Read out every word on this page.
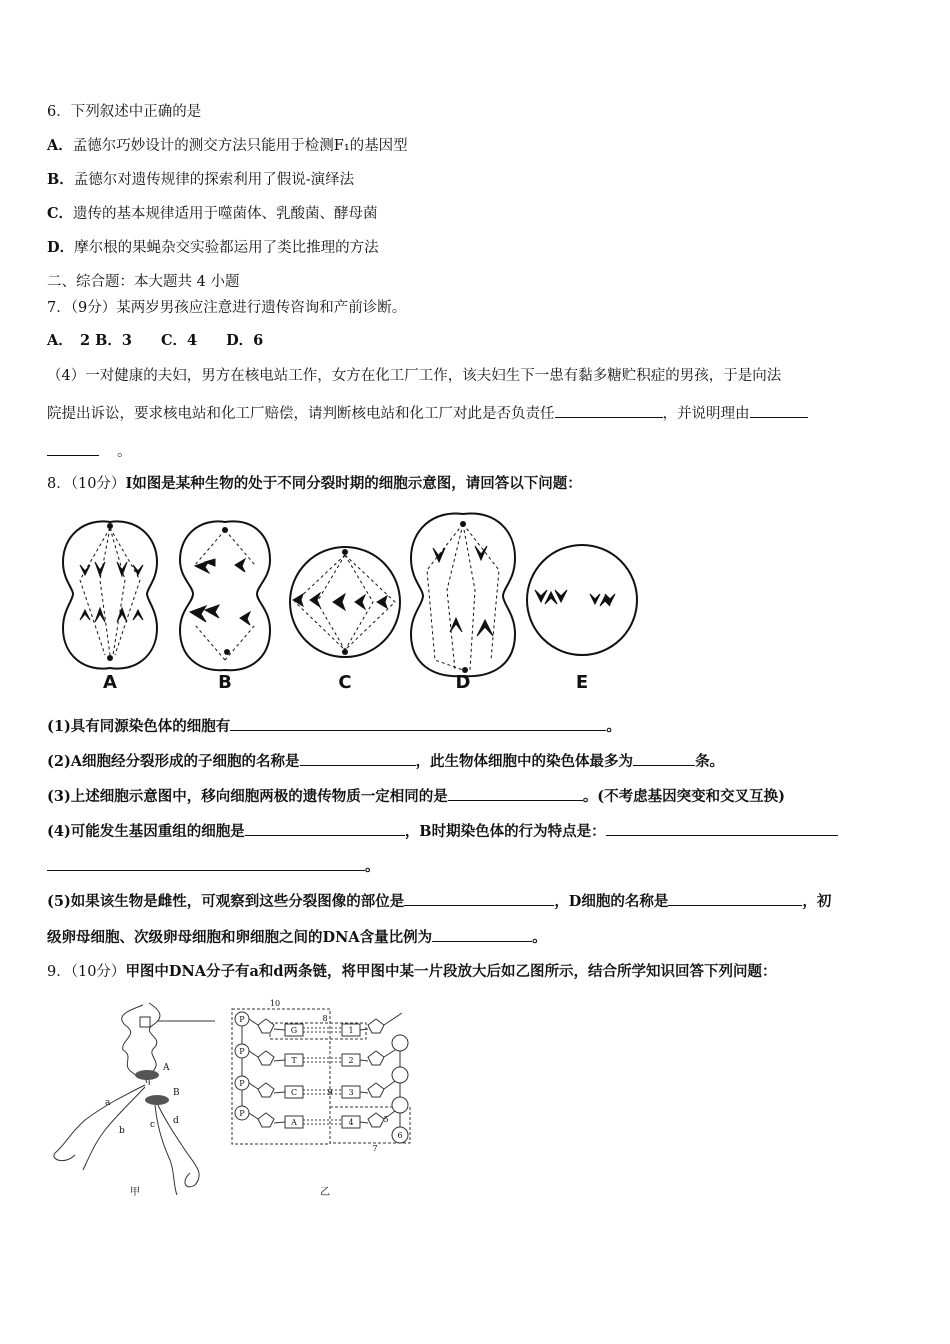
6．下列叙述中正确的是
A．孟德尔巧妙设计的测交方法只能用于检测F₁的基因型
B．孟德尔对遗传规律的探索利用了假说-演绎法
C．遗传的基本规律适用于噬菌体、乳酸菌、酵母菌
D．摩尔根的果蝇杂交实验都运用了类比推理的方法
二、综合题：本大题共 4 小题
7．（9分）某两岁男孩应注意进行遗传咨询和产前诊断。
A．　2 B．3　　C．4　　D．6
（4）一对健康的夫妇，男方在核电站工作，女方在化工厂工作，该夫妇生下一患有黏多糖贮积症的男孩，于是向法
院提出诉讼，要求核电站和化工厂赔偿，请判断核电站和化工厂对此是否负责任	，并说明理由
。
8．（10分）I如图是某种生物的处于不同分裂时期的细胞示意图，请回答以下问题：
A	B	C	D	E
(1)具有同源染色体的细胞有	。
(2)A细胞经分裂形成的子细胞的名称是	，此生物体细胞中的染色体最多为	条。
(3)上述细胞示意图中，移向细胞两极的遗传物质一定相同的是	。(不考虑基因突变和交叉互换)
(4)可能发生基因重组的细胞是	，B时期染色体的行为特点是：
。
(5)如果该生物是雌性，可观察到这些分裂图像的部位是	，D细胞的名称是	，初
级卵母细胞、次级卵母细胞和卵细胞之间的DNA含量比例为	。
9．（10分）甲图中DNA分子有a和d两条链，将甲图中某一片段放大后如乙图所示，结合所学知识回答下列问题：
A
B
a
b
c d
甲
P
P
P
P
G
T
C
A
1
2
3
4
10
8
9
5
6
7
乙
